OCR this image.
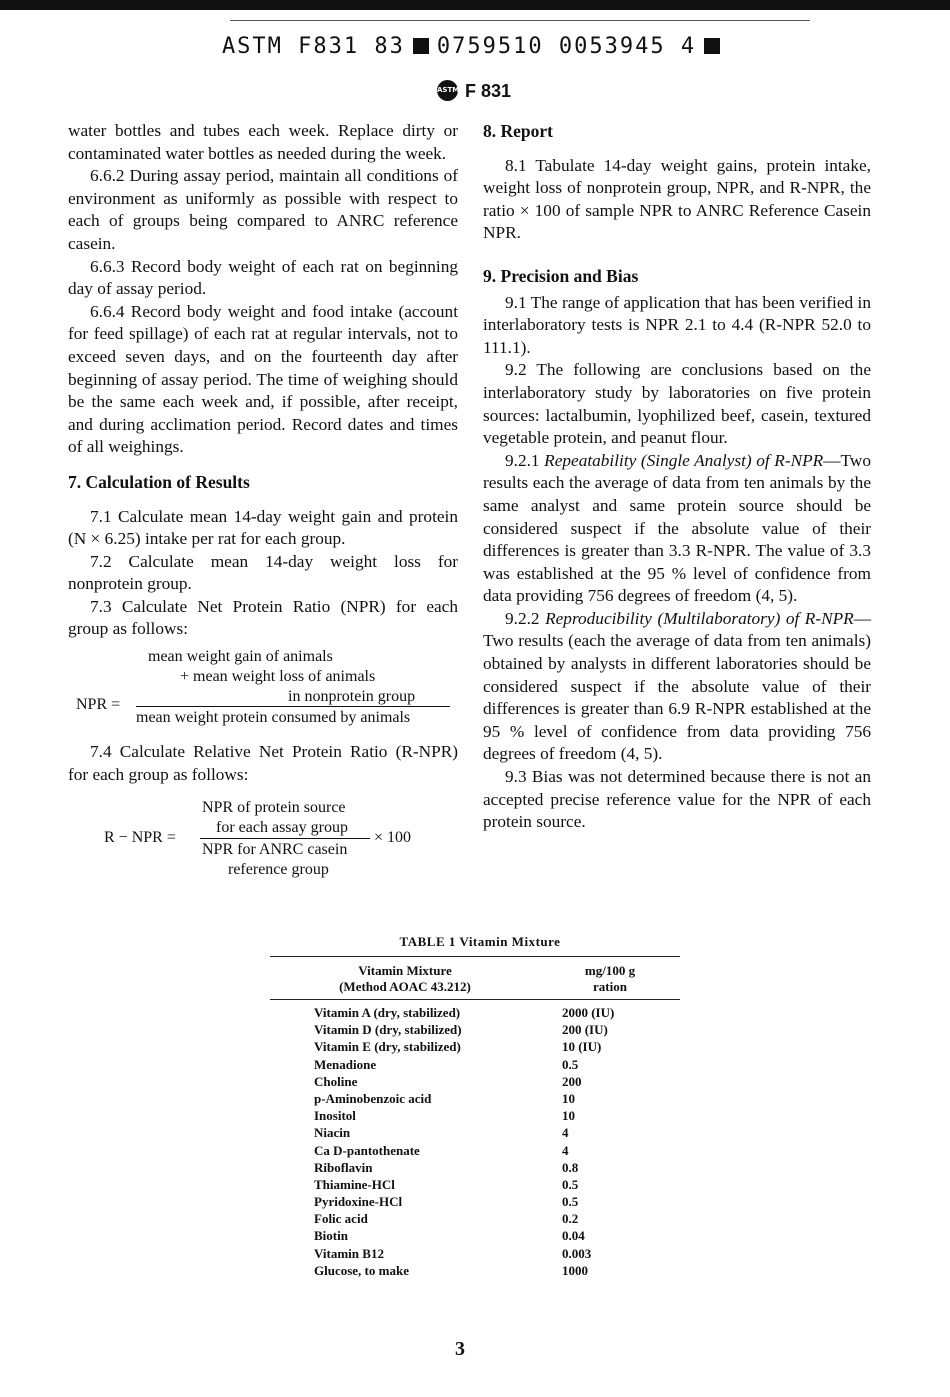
ASTM F831 83 0759510 0053945 4
ASTM F 831

water bottles and tubes each week. Replace dirty or contaminated water bottles as needed during the week.

6.6.2 During assay period, maintain all conditions of environment as uniformly as possible with respect to each of groups being compared to ANRC reference casein.

6.6.3 Record body weight of each rat on beginning day of assay period.

6.6.4 Record body weight and food intake (account for feed spillage) of each rat at regular intervals, not to exceed seven days, and on the fourteenth day after beginning of assay period. The time of weighing should be the same each week and, if possible, after receipt, and during acclimation period. Record dates and times of all weighings.

7. Calculation of Results

7.1 Calculate mean 14-day weight gain and protein (N × 6.25) intake per rat for each group.

7.2 Calculate mean 14-day weight loss for nonprotein group.

7.3 Calculate Net Protein Ratio (NPR) for each group as follows:

mean weight gain of animals
+ mean weight loss of animals
in nonprotein group
NPR =
mean weight protein consumed by animals

7.4 Calculate Relative Net Protein Ratio (R-NPR) for each group as follows:

NPR of protein source
for each assay group
R − NPR =	× 100
NPR for ANRC casein
reference group
8. Report

8.1 Tabulate 14-day weight gains, protein intake, weight loss of nonprotein group, NPR, and R-NPR, the ratio × 100 of sample NPR to ANRC Reference Casein NPR.

9. Precision and Bias

9.1 The range of application that has been verified in interlaboratory tests is NPR 2.1 to 4.4 (R-NPR 52.0 to 111.1).

9.2 The following are conclusions based on the interlaboratory study by laboratories on five protein sources: lactalbumin, lyophilized beef, casein, textured vegetable protein, and peanut flour.

9.2.1 Repeatability (Single Analyst) of R-NPR—Two results each the average of data from ten animals by the same analyst and same protein source should be considered suspect if the absolute value of their differences is greater than 3.3 R-NPR. The value of 3.3 was established at the 95 % level of confidence from data providing 756 degrees of freedom (4, 5).

9.2.2 Reproducibility (Multilaboratory) of R-NPR—Two results (each the average of data from ten animals) obtained by analysts in different laboratories should be considered suspect if the absolute value of their differences is greater than 6.9 R-NPR established at the 95 % level of confidence from data providing 756 degrees of freedom (4, 5).

9.3 Bias was not determined because there is not an accepted precise reference value for the NPR of each protein source.

TABLE 1 Vitamin Mixture
Vitamin Mixture
(Method AOAC 43.212)
mg/100 g
ration
Vitamin A (dry, stabilized)	2000 (IU)
Vitamin D (dry, stabilized)	200 (IU)
Vitamin E (dry, stabilized)	10 (IU)
Menadione	0.5
Choline	200
p-Aminobenzoic acid	10
Inositol	10
Niacin	4
Ca D-pantothenate	4
Riboflavin	0.8
Thiamine-HCl	0.5
Pyridoxine-HCl	0.5
Folic acid	0.2
Biotin	0.04
Vitamin B12	0.003
Glucose, to make	1000
3
